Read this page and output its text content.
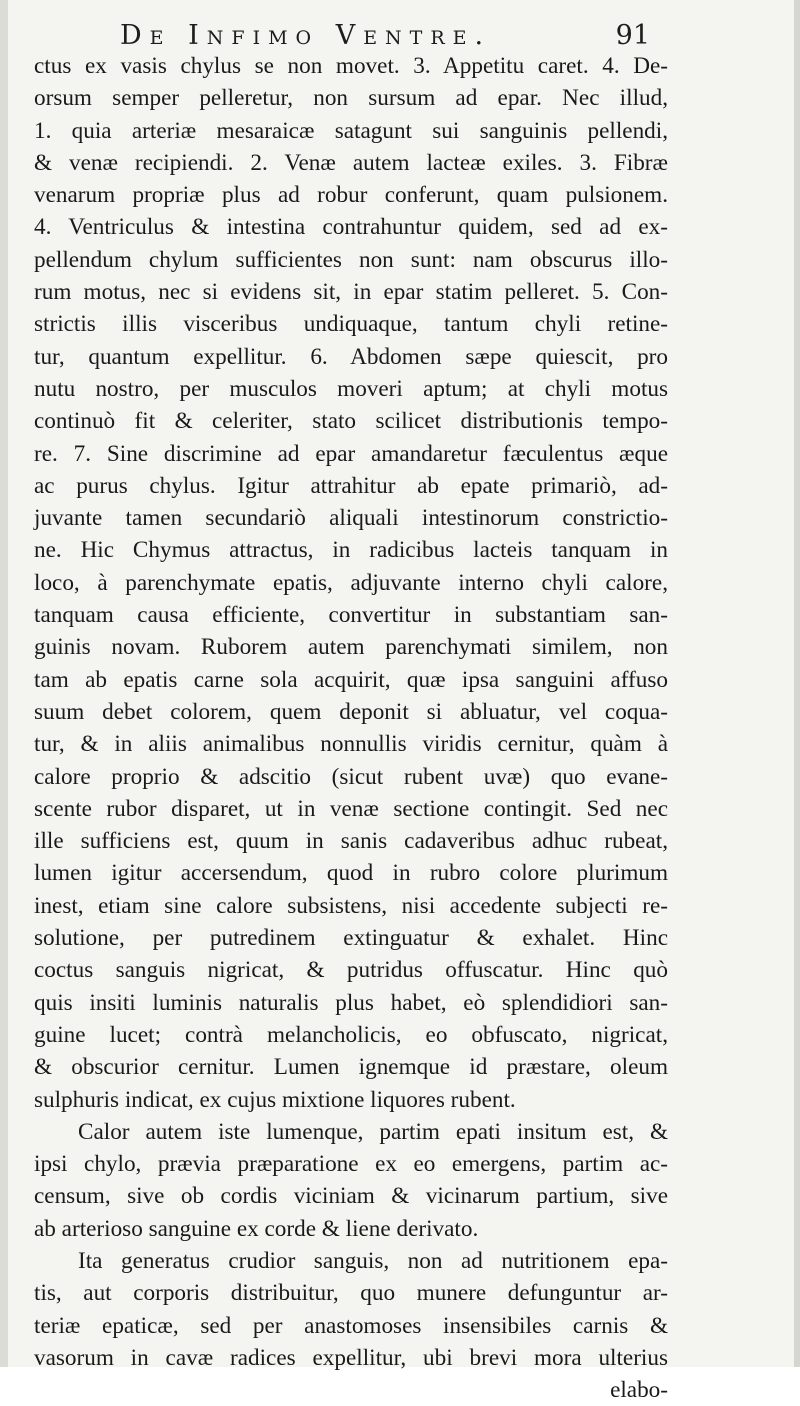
De Infimo Ventre.	91
ctus ex vasis chylus se non movet. 3. Appetitu caret. 4. De-
orsum semper pelleretur, non sursum ad epar. Nec illud,
1. quia arteriæ mesaraicæ satagunt sui sanguinis pellendi,
& venæ recipiendi. 2. Venæ autem lacteæ exiles. 3. Fibræ
venarum propriæ plus ad robur conferunt, quam pulsionem.
4. Ventriculus & intestina contrahuntur quidem, sed ad ex-
pellendum chylum sufficientes non sunt: nam obscurus illo-
rum motus, nec si evidens sit, in epar statim pelleret. 5. Con-
strictis illis visceribus undiquaque, tantum chyli retine-
tur, quantum expellitur. 6. Abdomen sæpe quiescit, pro
nutu nostro, per musculos moveri aptum; at chyli motus
continuò fit & celeriter, stato scilicet distributionis tempo-
re. 7. Sine discrimine ad epar amandaretur fæculentus æque
ac purus chylus. Igitur attrahitur ab epate primariò, ad-
juvante tamen secundariò aliquali intestinorum constrictio-
ne. Hic Chymus attractus, in radicibus lacteis tanquam in
loco, à parenchymate epatis, adjuvante interno chyli calore,
tanquam causa efficiente, convertitur in substantiam san-
guinis novam. Ruborem autem parenchymati similem, non
tam ab epatis carne sola acquirit, quæ ipsa sanguini affuso
suum debet colorem, quem deponit si abluatur, vel coqua-
tur, & in aliis animalibus nonnullis viridis cernitur, quàm à
calore proprio & adscitio (sicut rubent uvæ) quo evane-
scente rubor disparet, ut in venæ sectione contingit. Sed nec
ille sufficiens est, quum in sanis cadaveribus adhuc rubeat,
lumen igitur accersendum, quod in rubro colore plurimum
inest, etiam sine calore subsistens, nisi accedente subjecti re-
solutione, per putredinem extinguatur & exhalet. Hinc
coctus sanguis nigricat, & putridus offuscatur. Hinc quò
quis insiti luminis naturalis plus habet, eò splendidiori san-
guine lucet; contrà melancholicis, eo obfuscato, nigricat,
& obscurior cernitur. Lumen ignemque id præstare, oleum
sulphuris indicat, ex cujus mixtione liquores rubent.
Calor autem iste lumenque, partim epati insitum est, &
ipsi chylo, prævia præparatione ex eo emergens, partim ac-
censum, sive ob cordis viciniam & vicinarum partium, sive
ab arterioso sanguine ex corde & liene derivato.
Ita generatus crudior sanguis, non ad nutritionem epa-
tis, aut corporis distribuitur, quo munere defunguntur ar-
teriæ epaticæ, sed per anastomoses insensibiles carnis &
vasorum in cavæ radices expellitur, ubi brevi mora ulterius
elabo-
